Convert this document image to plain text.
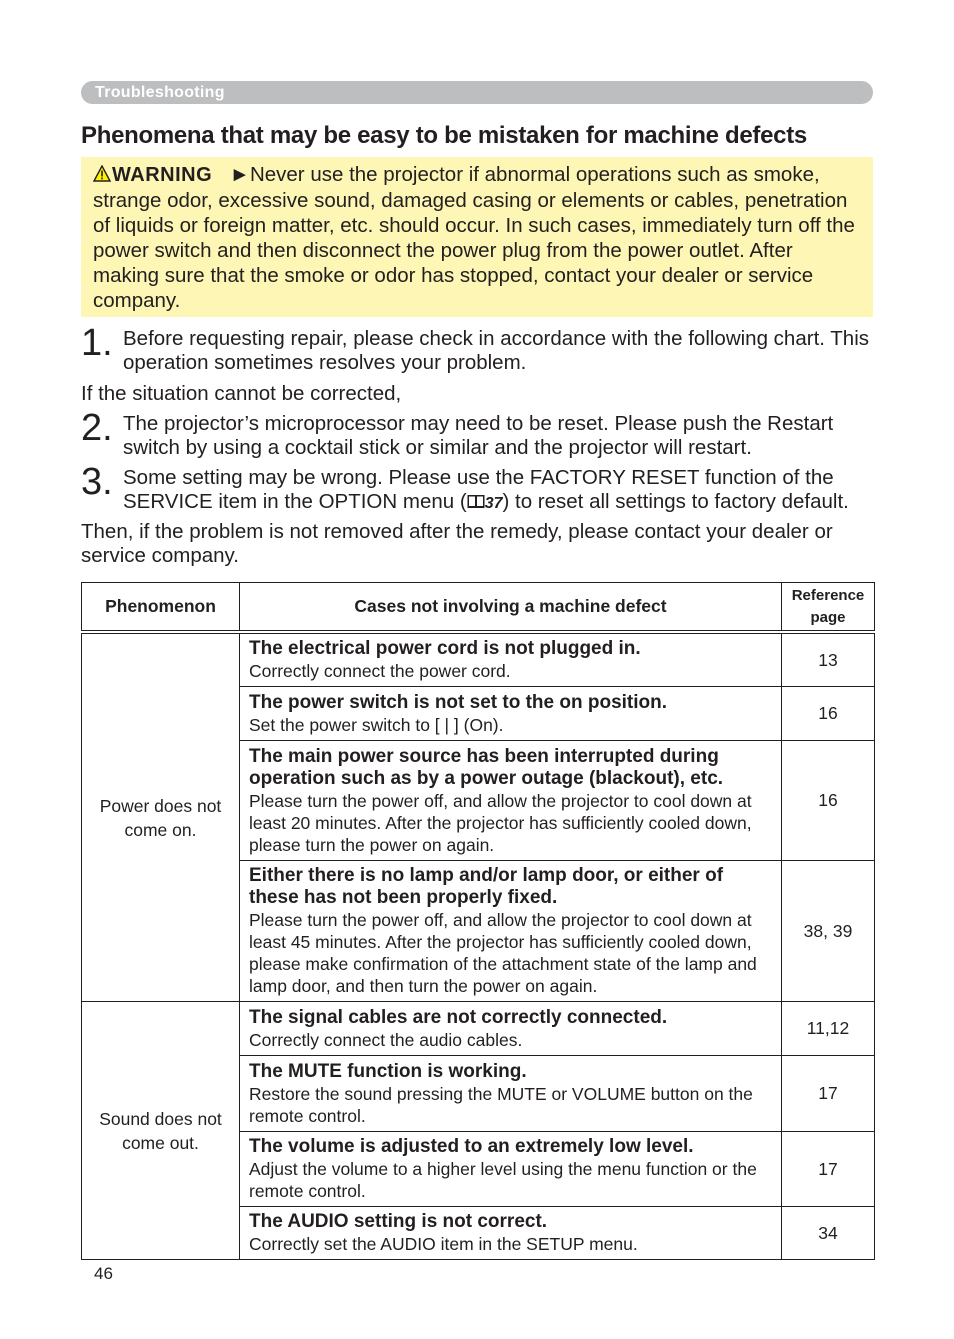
Troubleshooting
Phenomena that may be easy to be mistaken for machine defects
WARNING ►Never use the projector if abnormal operations such as smoke, strange odor, excessive sound, damaged casing or elements or cables, penetration of liquids or foreign matter, etc. should occur. In such cases, immediately turn off the power switch and then disconnect the power plug from the power outlet. After making sure that the smoke or odor has stopped, contact your dealer or service company.
1. Before requesting repair, please check in accordance with the following chart. This operation sometimes resolves your problem.
If the situation cannot be corrected,
2. The projector’s microprocessor may need to be reset. Please push the Restart switch by using a cocktail stick or similar and the projector will restart.
3. Some setting may be wrong. Please use the FACTORY RESET function of the SERVICE item in the OPTION menu ( 37) to reset all settings to factory default.
Then, if the problem is not removed after the remedy, please contact your dealer or service company.
Phenomenon	Cases not involving a machine defect	Reference
page
Power does not come on.	The electrical power cord is not plugged in.
Correctly connect the power cord.	13

	The power switch is not set to the on position.
Set the power switch to [ | ] (On).	16

	The main power source has been interrupted during operation such as by a power outage (blackout), etc.
Please turn the power off, and allow the projector to cool down at least 20 minutes. After the projector has sufficiently cooled down, please turn the power on again.	16

	Either there is no lamp and/or lamp door, or either of these has not been properly fixed.
Please turn the power off, and allow the projector to cool down at least 45 minutes. After the projector has sufficiently cooled down, please make confirmation of the attachment state of the lamp and lamp door, and then turn the power on again.	38, 39
Sound does not come out.	The signal cables are not correctly connected.
Correctly connect the audio cables.	11,12

	The MUTE function is working.
Restore the sound pressing the MUTE or VOLUME button on the remote control.	17

	The volume is adjusted to an extremely low level.
Adjust the volume to a higher level using the menu function or the remote control.	17

	The AUDIO setting is not correct.
Correctly set the AUDIO item in the SETUP menu.	34
46
